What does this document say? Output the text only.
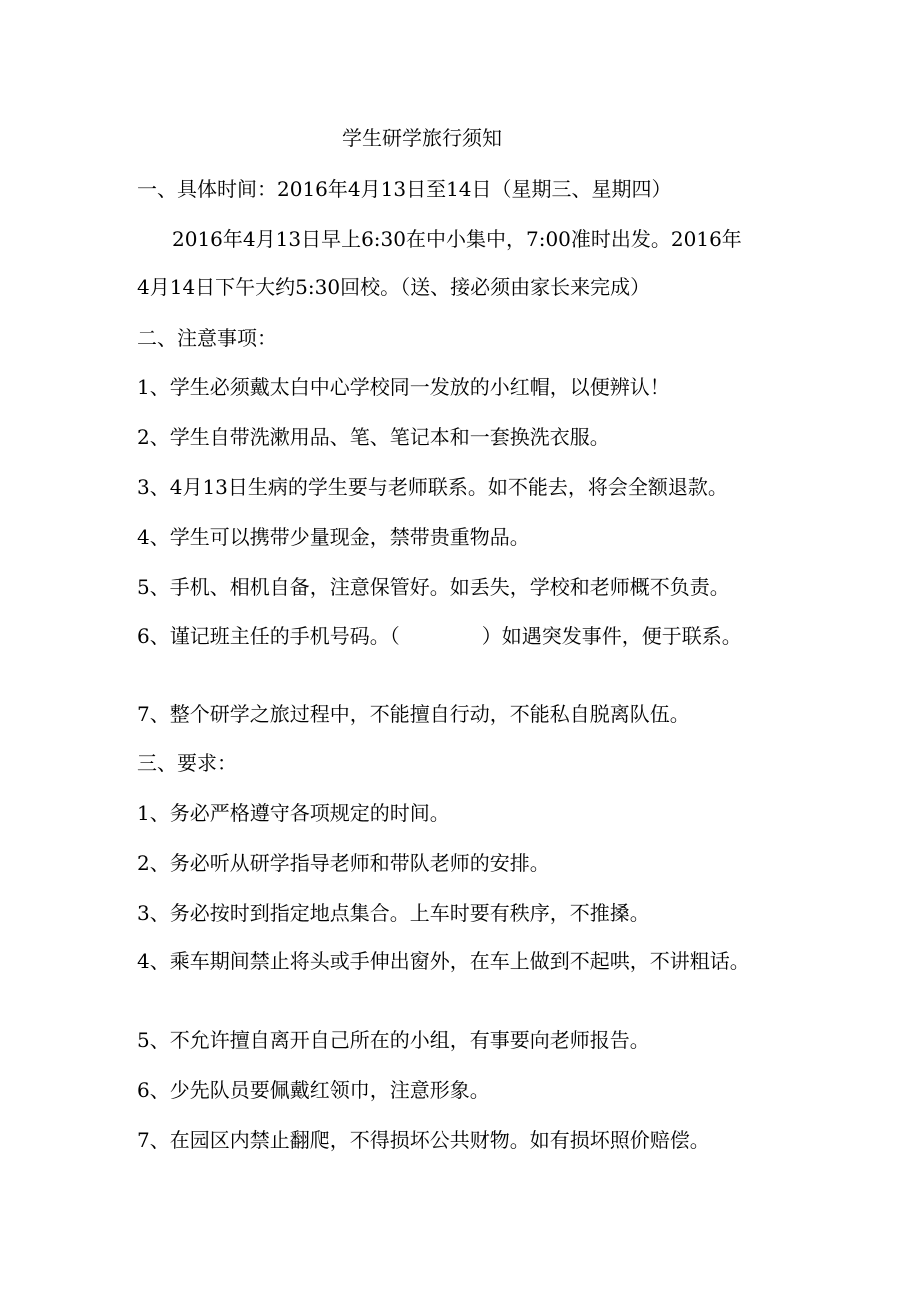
学生研学旅行须知
一、具体时间：2016年4月13日至14日（星期三、星期四）
2016年4月13日早上6:30在中小集中，7:00准时出发。2016年
4月14日下午大约5:30回校。（送、接必须由家长来完成）
二、注意事项：
1、学生必须戴太白中心学校同一发放的小红帽，以便辨认！
2、学生自带洗漱用品、笔、笔记本和一套换洗衣服。
3、4月13日生病的学生要与老师联系。如不能去，将会全额退款。
4、学生可以携带少量现金，禁带贵重物品。
5、手机、相机自备，注意保管好。如丢失，学校和老师概不负责。
6、谨记班主任的手机号码。（	）如遇突发事件，便于联系。
7、整个研学之旅过程中，不能擅自行动，不能私自脱离队伍。
三、要求：
1、务必严格遵守各项规定的时间。
2、务必听从研学指导老师和带队老师的安排。
3、务必按时到指定地点集合。上车时要有秩序，不推搡。
4、乘车期间禁止将头或手伸出窗外，在车上做到不起哄，不讲粗话。
5、不允许擅自离开自己所在的小组，有事要向老师报告。
6、少先队员要佩戴红领巾，注意形象。
7、在园区内禁止翻爬，不得损坏公共财物。如有损坏照价赔偿。
